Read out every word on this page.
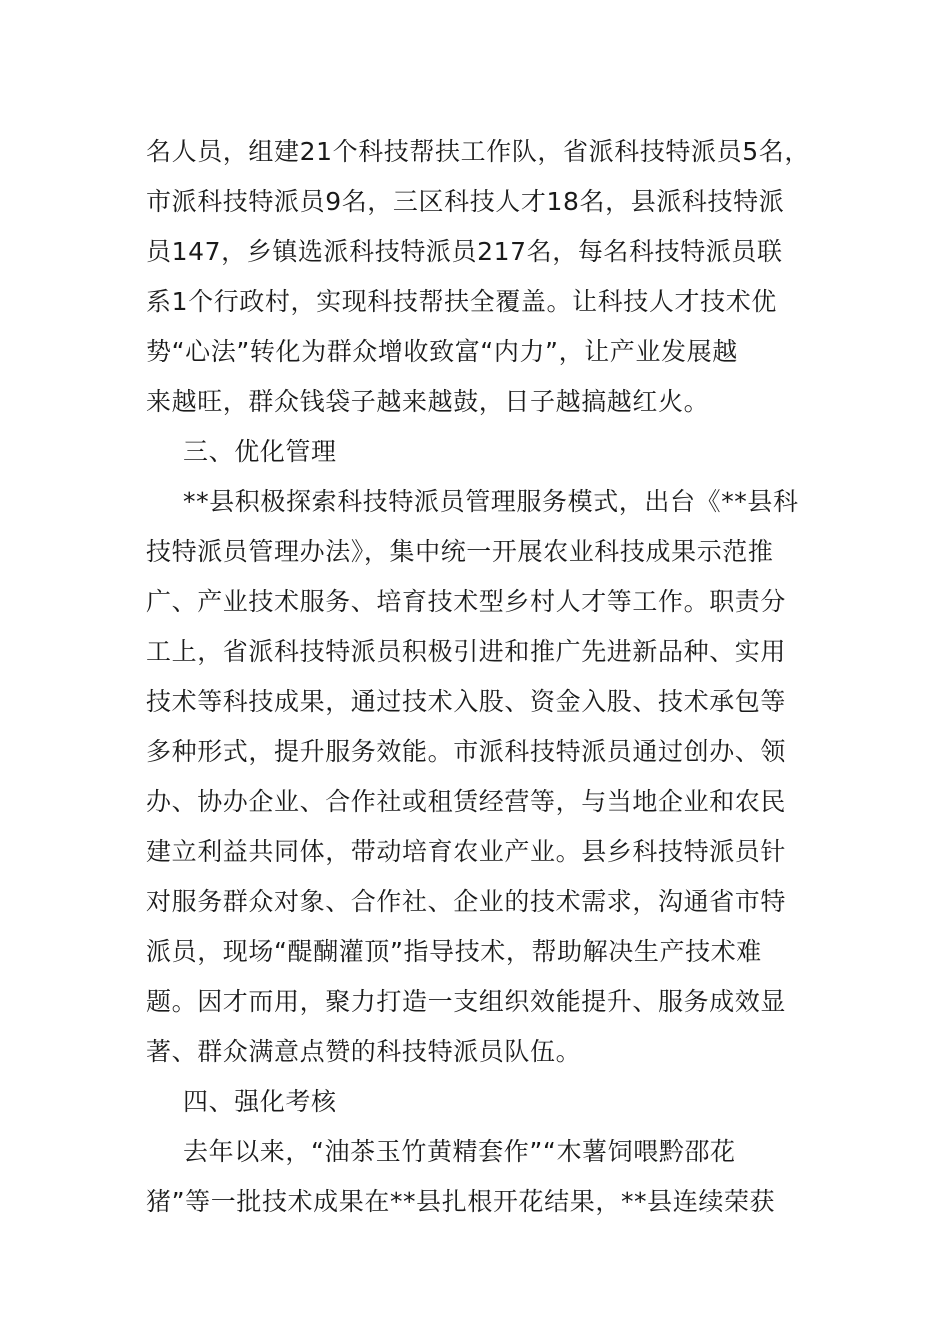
名人员，组建21个科技帮扶工作队，省派科技特派员5名，
市派科技特派员9名，三区科技人才18名，县派科技特派
员147，乡镇选派科技特派员217名，每名科技特派员联
系1个行政村，实现科技帮扶全覆盖。让科技人才技术优
势“心法”转化为群众增收致富“内力”，让产业发展越
来越旺，群众钱袋子越来越鼓，日子越搞越红火。
三、优化管理
**县积极探索科技特派员管理服务模式，出台《**县科
技特派员管理办法》，集中统一开展农业科技成果示范推
广、产业技术服务、培育技术型乡村人才等工作。职责分
工上，省派科技特派员积极引进和推广先进新品种、实用
技术等科技成果，通过技术入股、资金入股、技术承包等
多种形式，提升服务效能。市派科技特派员通过创办、领
办、协办企业、合作社或租赁经营等，与当地企业和农民
建立利益共同体，带动培育农业产业。县乡科技特派员针
对服务群众对象、合作社、企业的技术需求，沟通省市特
派员，现场“醍醐灌顶”指导技术，帮助解决生产技术难
题。因才而用，聚力打造一支组织效能提升、服务成效显
著、群众满意点赞的科技特派员队伍。
四、强化考核
去年以来，“油茶玉竹黄精套作”“木薯饲喂黔邵花
猪”等一批技术成果在**县扎根开花结果，**县连续荣获
